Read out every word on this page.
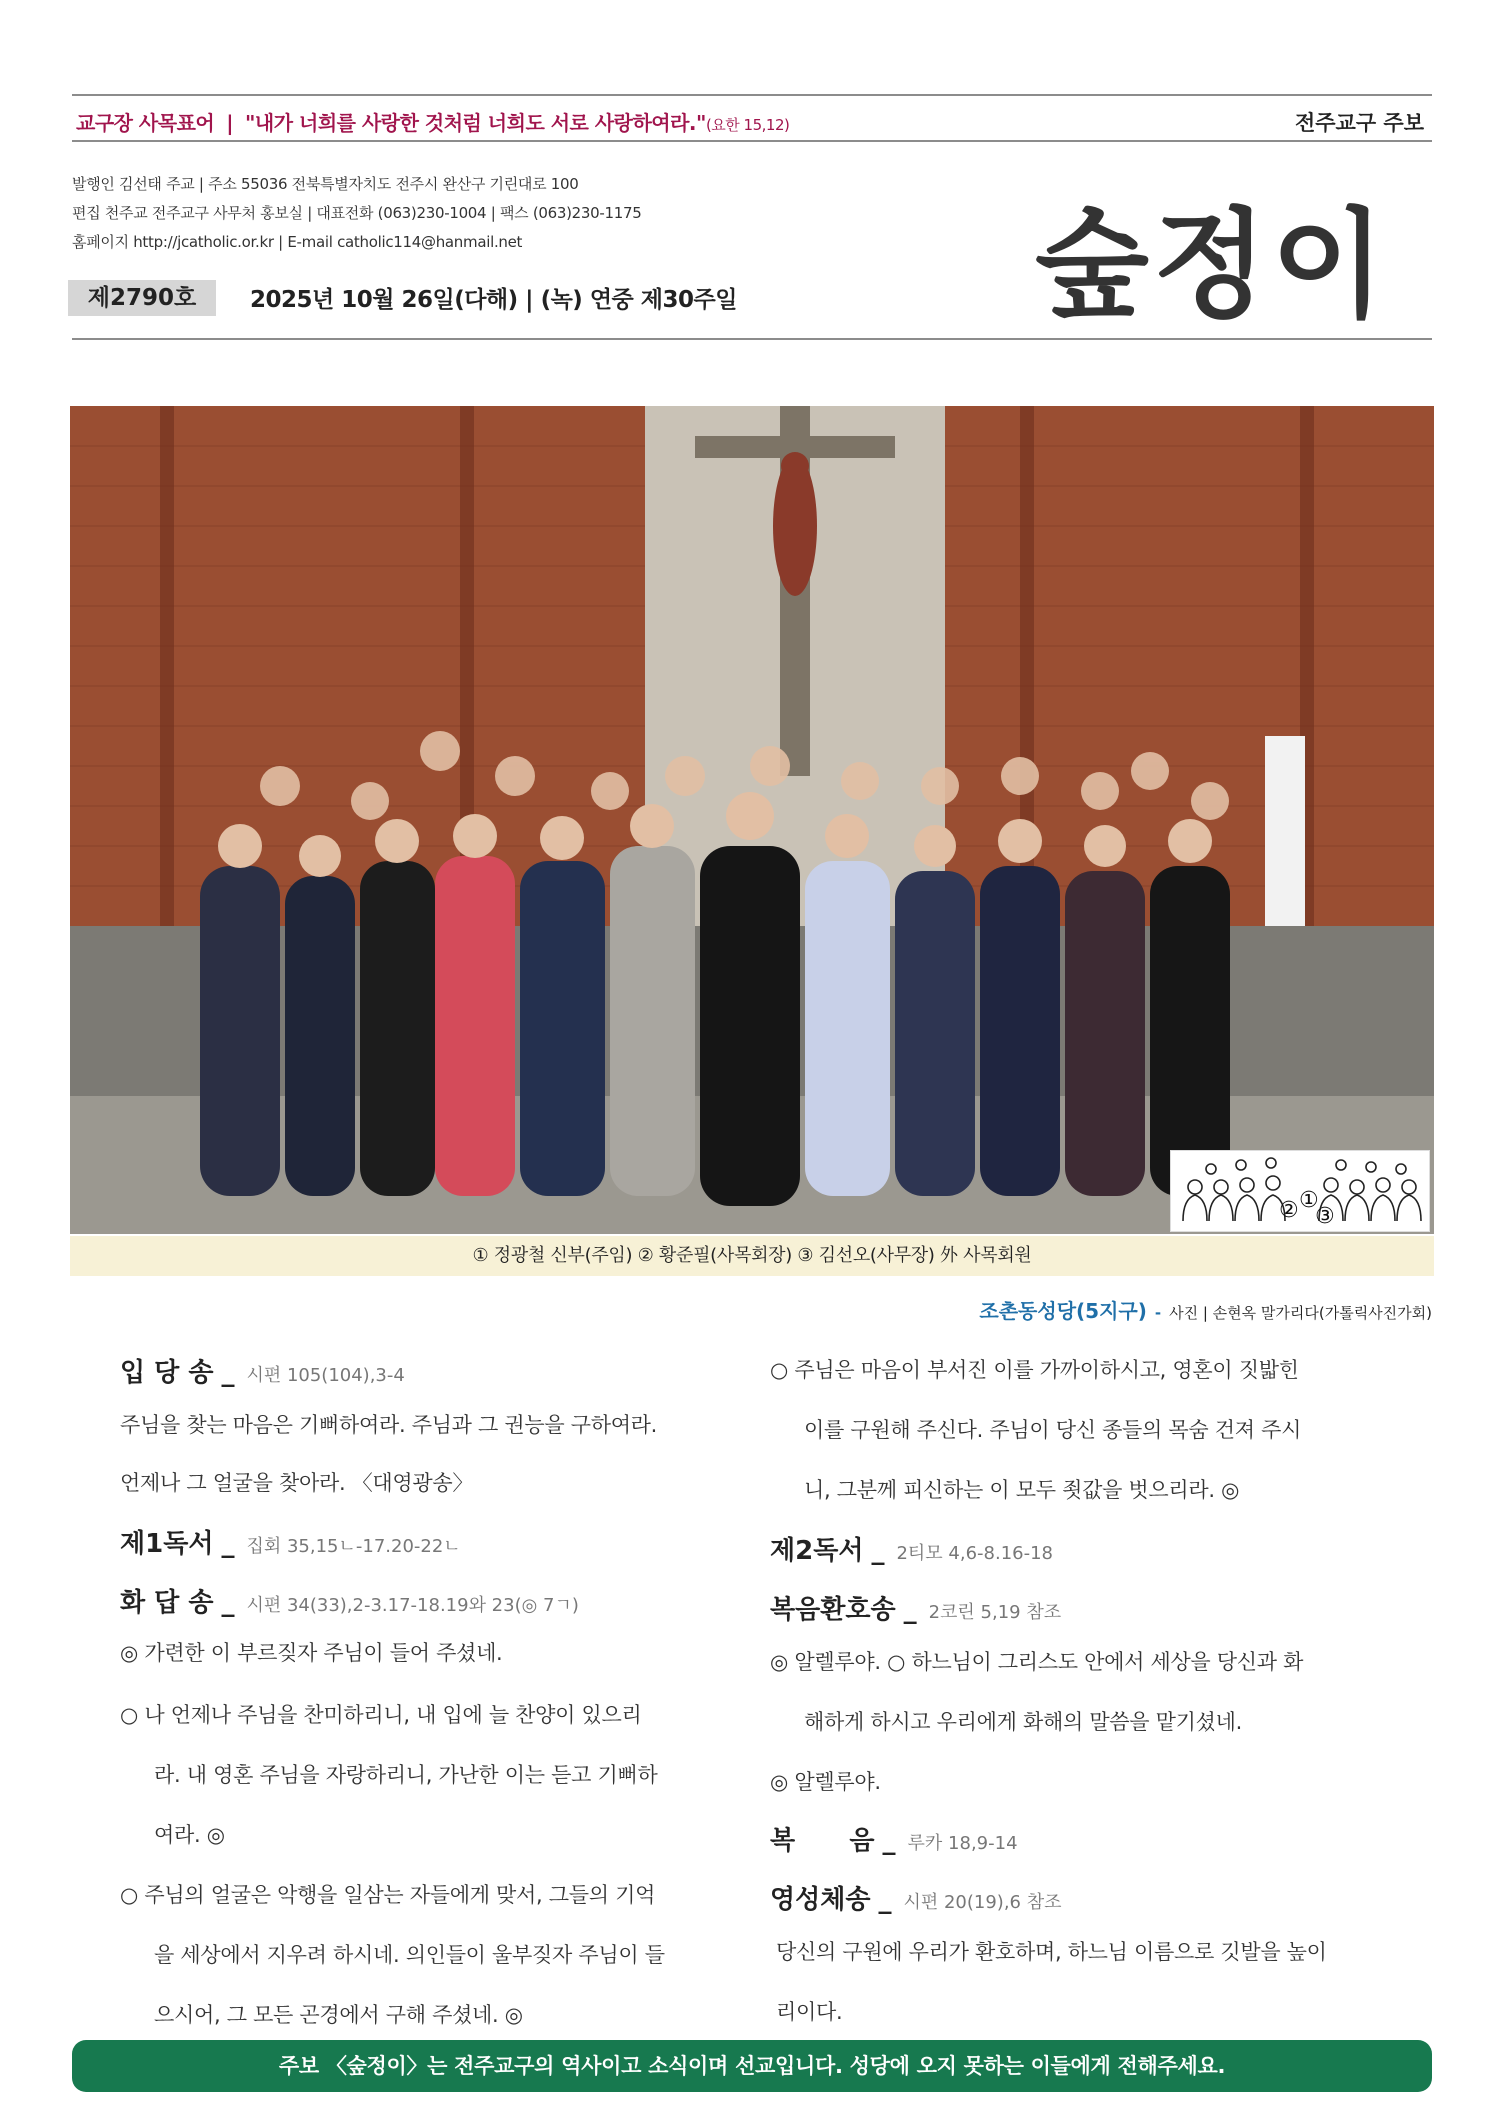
교구장 사목표어 | "내가 너희를 사랑한 것처럼 너희도 서로 사랑하여라."(요한 15,12)	전주교구 주보
발행인 김선태 주교 | 주소 55036 전북특별자치도 전주시 완산구 기린대로 100
편집 천주교 전주교구 사무처 홍보실 | 대표전화 (063)230-1004 | 팩스 (063)230-1175
홈페이지 http://jcatholic.or.kr | E-mail catholic114@hanmail.net
제2790호	2025년 10월 26일(다해) | (녹) 연중 제30주일	숲정이
② ①
③
① 정광철 신부(주임) ② 황준필(사목회장) ③ 김선오(사무장) 外 사목회원
조촌동성당(5지구) - 사진 | 손현옥 말가리다(가톨릭사진가회)
입 당 송 _ 시편 105(104),3-4
주님을 찾는 마음은 기뻐하여라. 주님과 그 권능을 구하여라.
언제나 그 얼굴을 찾아라. 〈대영광송〉
제1독서 _ 집회 35,15ㄴ-17.20-22ㄴ
화 답 송 _ 시편 34(33),2-3.17-18.19와 23(◎ 7ㄱ)
◎ 가련한 이 부르짖자 주님이 들어 주셨네.
○ 나 언제나 주님을 찬미하리니, 내 입에 늘 찬양이 있으리
라. 내 영혼 주님을 자랑하리니, 가난한 이는 듣고 기뻐하
여라. ◎
○ 주님의 얼굴은 악행을 일삼는 자들에게 맞서, 그들의 기억
을 세상에서 지우려 하시네. 의인들이 울부짖자 주님이 들
으시어, 그 모든 곤경에서 구해 주셨네. ◎
○ 주님은 마음이 부서진 이를 가까이하시고, 영혼이 짓밟힌
이를 구원해 주신다. 주님이 당신 종들의 목숨 건져 주시
니, 그분께 피신하는 이 모두 죗값을 벗으리라. ◎
제2독서 _ 2티모 4,6-8.16-18
복음환호송 _ 2코린 5,19 참조
◎ 알렐루야. ○ 하느님이 그리스도 안에서 세상을 당신과 화
해하게 하시고 우리에게 화해의 말씀을 맡기셨네.
◎ 알렐루야.
복      음 _ 루카 18,9-14
영성체송 _ 시편 20(19),6 참조
당신의 구원에 우리가 환호하며, 하느님 이름으로 깃발을 높이
리이다.
주보 〈숲정이〉는 전주교구의 역사이고 소식이며 선교입니다. 성당에 오지 못하는 이들에게 전해주세요.
